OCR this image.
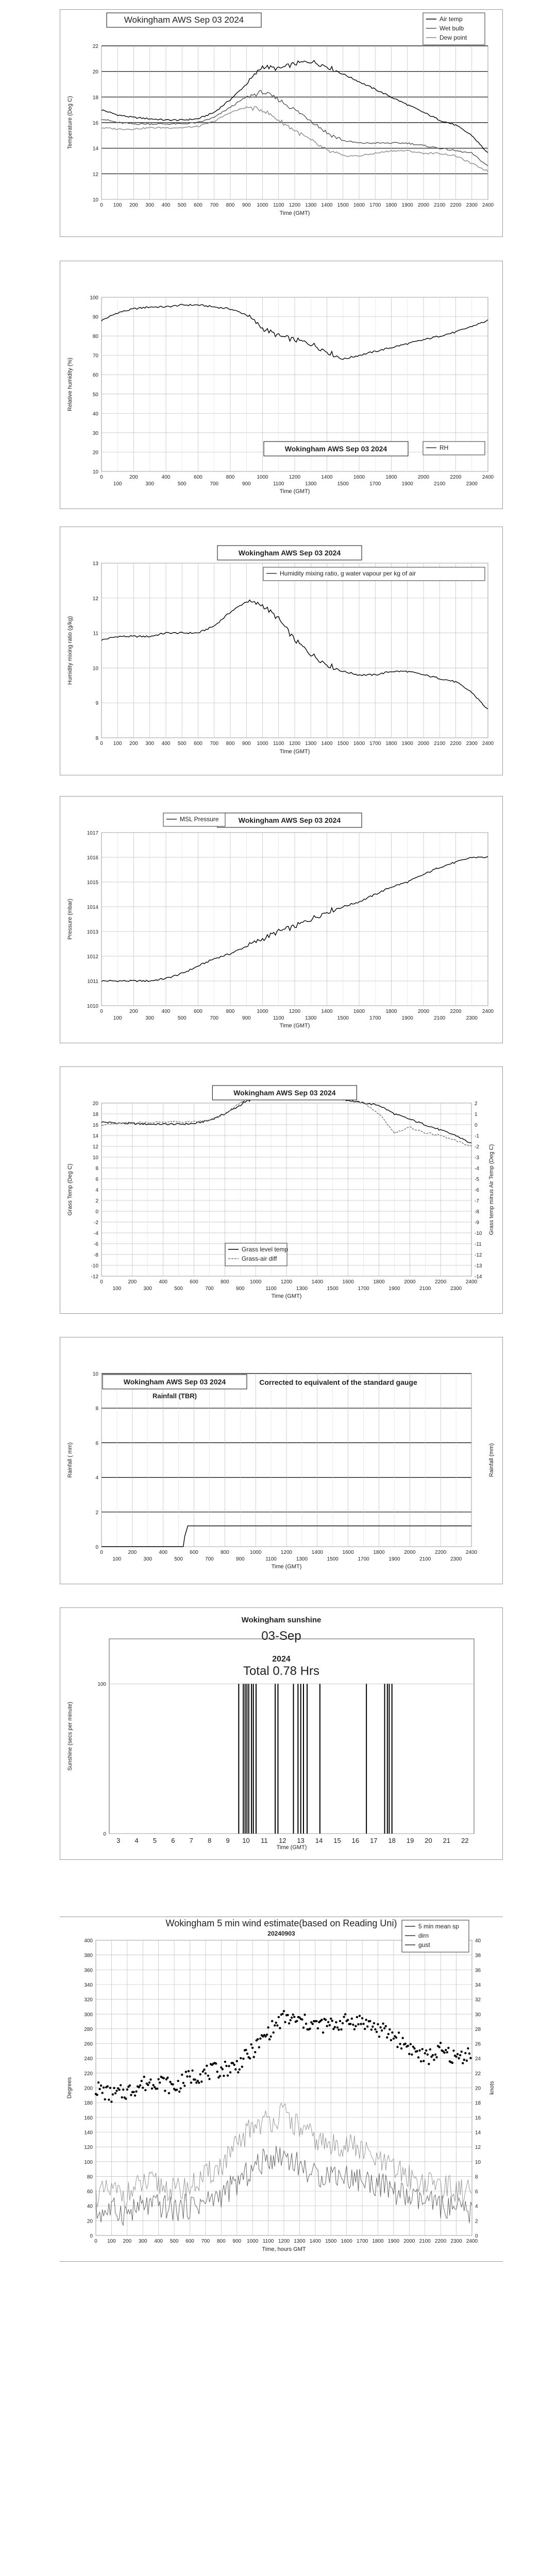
10
12
14
16
18
20
22
0 100 200 300 400 500 600 700 800 900 1000 1100 1200 1300 1400 1500 1600 1700 1800 1900 2000 2100 2200 2300 2400
Time (GMT)
Temperature (Deg C)
Wokingham AWS Sep 03 2024	Air temp
Wet bulb
Dew point
10
20
30
40
50
60
70
80
90
100
0	200	400	600	800	1000	1200	1400	1600	1800	2000	2200	2400
100	300	500	700	900	1100	1300	1500	1700	1900	2100	2300
Time (GMT)
Relative humidity (%)
Wokingham AWS Sep 03 2024	RH
8
9
10
11
12
13
0 100 200 300 400 500 600 700 800 900 1000 1100 1200 1300 1400 1500 1600 1700 1800 1900 2000 2100 2200 2300 2400
Time (GMT)
Humidity mixing ratio (g/kg)
Wokingham AWS Sep 03 2024
Humidity mixing ratio, g water vapour per kg of air
1010
1011
1012
1013
1014
1015
1016
1017
0	200	400	600	800	1000	1200	1400	1600	1800	2000	2200	2400
100	300	500	700	900	1100	1300	1500	1700	1900	2100	2300
Time (GMT)
Pressure (mbar)
Wokingham AWS Sep 03 2024
MSL Pressure
-12	-14
-10	-13
-8	-12
-6	-11
-4	-10
-2	-9
0	-8
2	-7
4	-6
6	-5
8	-4
10	-3
12	-2
14	-1
16	0
18	1
20	2
0	200	400	600	800	1000	1200	1400	1600	1800	2000	2200	2400
100	300	500	700	900	1100	1300	1500	1700	1900	2100	2300
Time (GMT)
Grass Temp (Deg C)	Grass temp minus Air Temp (Deg C)
Wokingham AWS Sep 03 2024
Grass level temp
Grass-air diff
0
2
4
6
8
10
0	200	400	600	800	1000	1200	1400	1600	1800	2000	2200	2400
100	300	500	700	900	1100	1300	1500	1700	1900	2100	2300
Time (GMT)
Rainfall ( mm)	Rainfall (mm)
Wokingham AWS Sep 03 2024
Rainfall (TBR)
Corrected to equivalent of the standard gauge
0
100
3 4 5 6 7 8 9 10 11 12 13 14 15 16 17 18 19 20 21 22
Time (GMT)
Sunshine (secs per minute)
Wokingham sunshine
03-Sep
2024
Total 0.78 Hrs
0	0
20	2
40	4
60	6
80	8
100	10
120	12
140	14
160	16
180	18
200	20
220	22
240	24
260	26
280	28
300	30
320	32
340	34
360	36
380	38
400	40
0 100 200 300 400 500 600 700 800 900 1000 1100 1200 1300 1400 1500 1600 1700 1800 1900 2000 2100 2200 2300 2400
Time, hours GMT
Degrees	knots
Wokingham 5 min wind estimate(based on Reading Uni)
20240903
5 min mean sp
dirn
gust
